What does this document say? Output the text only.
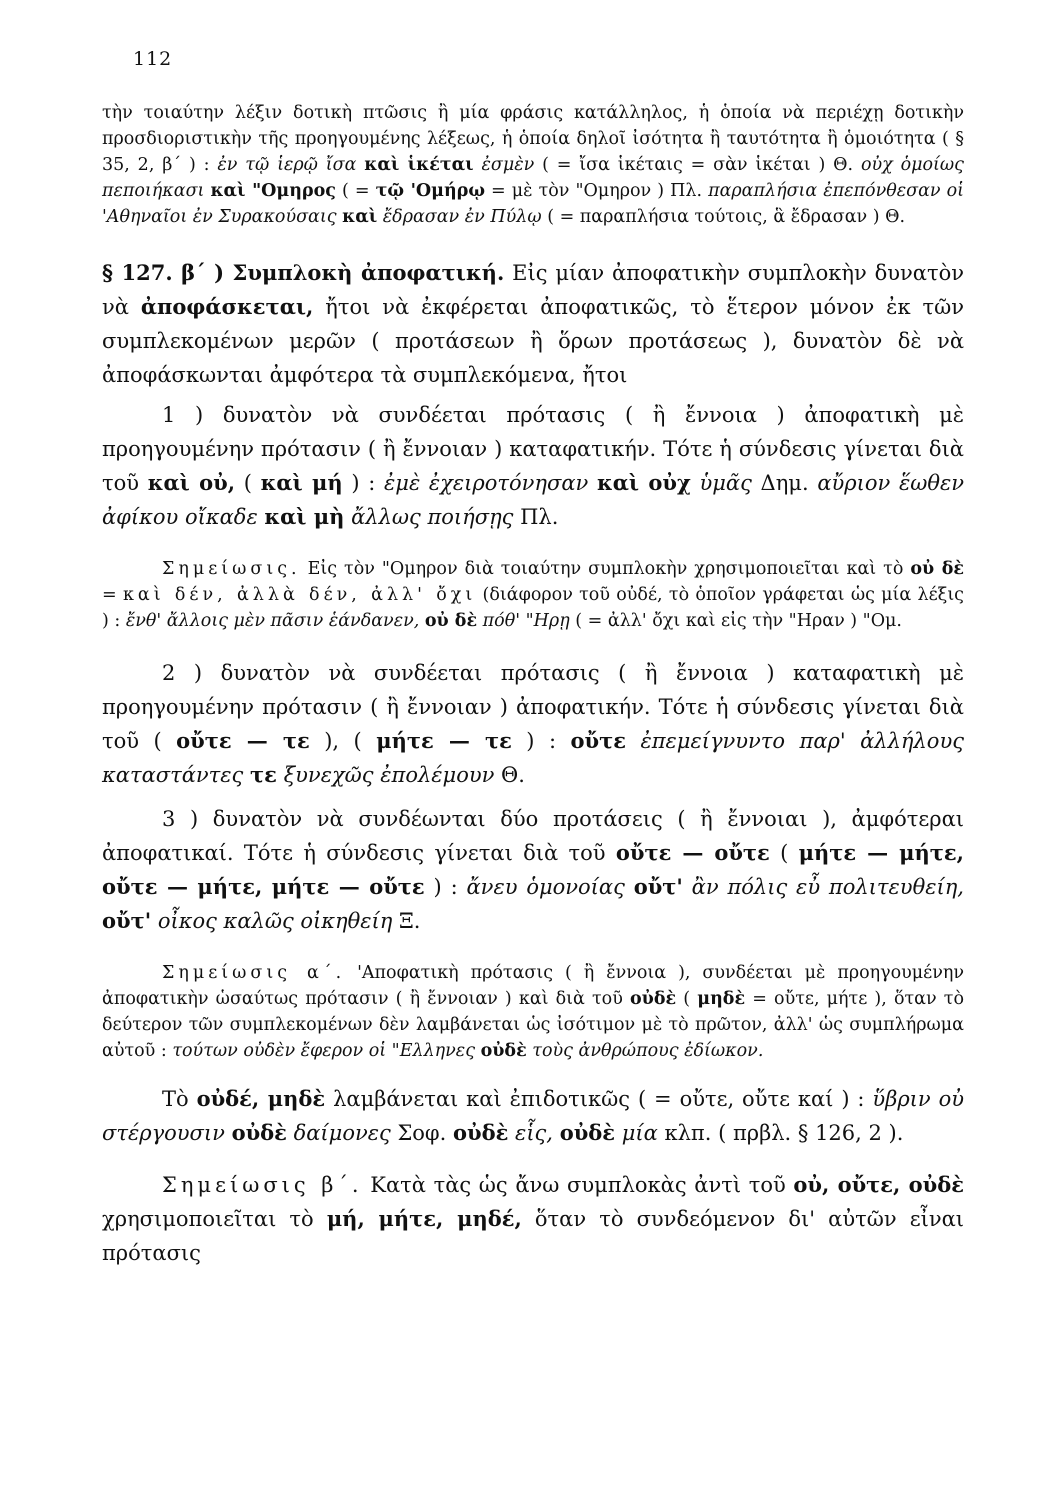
112

τὴν τοιαύτην λέξιν δοτικὴ πτῶσις ἢ μία φράσις κατάλληλος, ἡ ὁποία νὰ περιέχῃ δοτικὴν προσδιοριστικὴν τῆς προηγουμένης λέξεως, ἡ ὁποία δηλοῖ ἰσότητα ἢ ταυτότητα ἢ ὁμοιότητα ( § 35, 2, β΄ ) : ἐν τῷ ἱερῷ ἴσα καὶ ἱκέται ἐσμὲν ( = ἴσα ἱκέταις = σὰν ἱκέται ) Θ. οὐχ ὁμοίως πεποιήκασι καὶ "Ομηρος ( = τῷ 'Ομήρῳ = μὲ τὸν "Ομηρον ) Πλ. παραπλήσια ἐπεπόνθεσαν οἱ 'Αθηναῖοι ἐν Συρακούσαις καὶ ἔδρασαν ἐν Πύλῳ ( = παραπλήσια τούτοις, ἃ ἔδρασαν ) Θ.

§ 127. β΄ ) Συμπλοκὴ ἀποφατική. Εἰς μίαν ἀποφατικὴν συμπλοκὴν δυνατὸν νὰ ἀποφάσκεται, ἤτοι νὰ ἐκφέρεται ἀποφατικῶς, τὸ ἕτερον μόνον ἐκ τῶν συμπλεκομένων μερῶν ( προτάσεων ἢ ὅρων προτάσεως ), δυνατὸν δὲ νὰ ἀποφάσκωνται ἀμφότερα τὰ συμπλεκόμενα, ἤτοι

1 ) δυνατὸν νὰ συνδέεται πρότασις ( ἢ ἔννοια ) ἀποφατικὴ μὲ προηγουμένην πρότασιν ( ἢ ἔννοιαν ) καταφατικήν. Τότε ἡ σύνδεσις γίνεται διὰ τοῦ καὶ οὐ, ( καὶ μή ) : ἐμὲ ἐχειροτόνησαν καὶ οὐχ ὑμᾶς Δημ. αὔριον ἕωθεν ἀφίκου οἴκαδε καὶ μὴ ἄλλως ποιήσῃς Πλ.

Σημείωσις. Εἰς τὸν "Ομηρον διὰ τοιαύτην συμπλοκὴν χρησιμοποιεῖται καὶ τὸ οὐ δὲ = καὶ δέν, ἀλλὰ δέν, ἀλλ' ὄχι (διάφορον τοῦ οὐδέ, τὸ ὁποῖον γράφεται ὡς μία λέξις ) : ἔνθ' ἄλλοις μὲν πᾶσιν ἑάνδανεν, οὐ δὲ πόθ' "Ηρῃ ( = ἀλλ' ὄχι καὶ εἰς τὴν "Ηραν ) "Ομ.

2 ) δυνατὸν νὰ συνδέεται πρότασις ( ἢ ἔννοια ) καταφατικὴ μὲ προηγουμένην πρότασιν ( ἢ ἔννοιαν ) ἀποφατικήν. Τότε ἡ σύνδεσις γίνεται διὰ τοῦ ( οὔτε — τε ), ( μήτε — τε ) : οὔτε ἐπεμείγνυντο παρ' ἀλλήλους καταστάντες τε ξυνεχῶς ἐπολέμουν Θ.

3 ) δυνατὸν νὰ συνδέωνται δύο προτάσεις ( ἢ ἔννοιαι ), ἀμφότεραι ἀποφατικαί. Τότε ἡ σύνδεσις γίνεται διὰ τοῦ οὔτε — οὔτε ( μήτε — μήτε, οὔτε — μήτε, μήτε — οὔτε ) : ἄνευ ὁμονοίας οὔτ' ἂν πόλις εὖ πολιτευθείη, οὔτ' οἶκος καλῶς οἰκηθείη Ξ.

Σημείωσις α΄. 'Αποφατικὴ πρότασις ( ἢ ἔννοια ), συνδέεται μὲ προηγουμένην ἀποφατικὴν ὡσαύτως πρότασιν ( ἢ ἔννοιαν ) καὶ διὰ τοῦ οὐδὲ ( μηδὲ = οὔτε, μήτε ), ὅταν τὸ δεύτερον τῶν συμπλεκομένων δὲν λαμβάνεται ὡς ἰσότιμον μὲ τὸ πρῶτον, ἀλλ' ὡς συμπλήρωμα αὐτοῦ : τούτων οὐδὲν ἔφερον οἱ "Ελληνες οὐδὲ τοὺς ἀνθρώπους ἐδίωκον.

Τὸ οὐδέ, μηδὲ λαμβάνεται καὶ ἐπιδοτικῶς ( = οὔτε, οὔτε καί ) : ὕβριν οὐ στέργουσιν οὐδὲ δαίμονες Σοφ. οὐδὲ εἷς, οὐδὲ μία κλπ. ( πρβλ. § 126, 2 ).

Σημείωσις β΄. Κατὰ τὰς ὡς ἄνω συμπλοκὰς ἀντὶ τοῦ οὐ, οὔτε, οὐδὲ χρησιμοποιεῖται τὸ μή, μήτε, μηδέ, ὅταν τὸ συνδεόμενον δι' αὐτῶν εἶναι πρότασις
